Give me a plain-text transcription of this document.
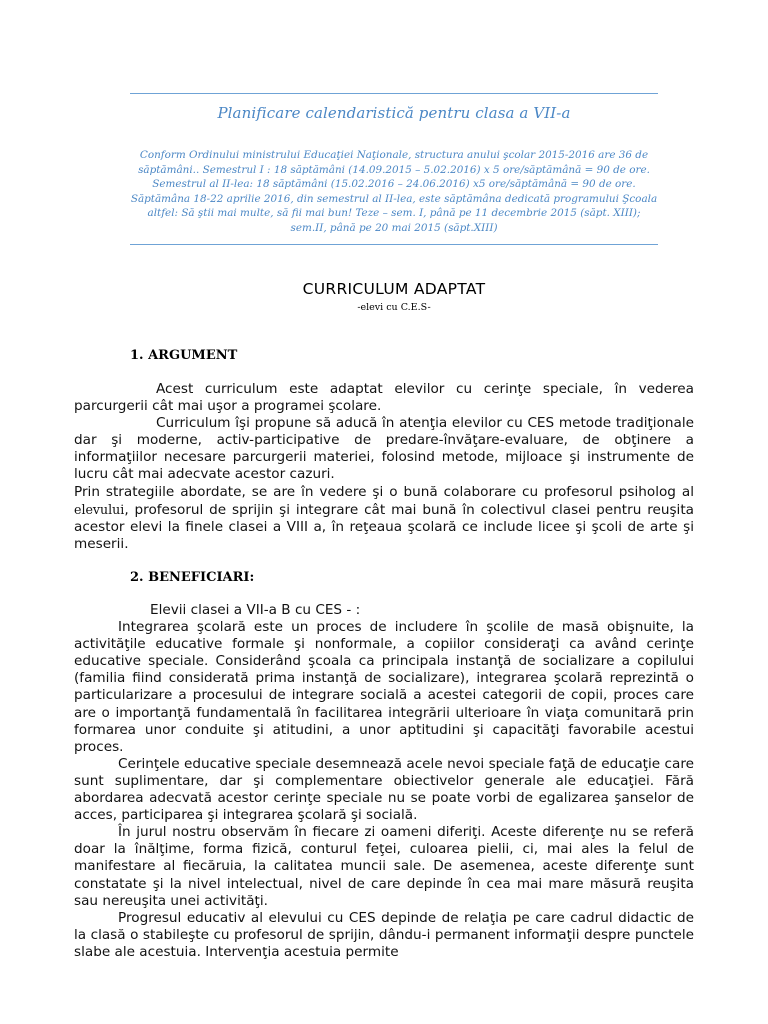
Planificare calendaristică pentru clasa a VII-a
Conform Ordinului ministrului Educaţiei Naţionale, structura anului şcolar 2015-2016 are 36 de săptămâni.. Semestrul I : 18 săptămâni (14.09.2015 – 5.02.2016) x 5 ore/săptămână = 90 de ore. Semestrul al II-lea: 18 săptămâni (15.02.2016 – 24.06.2016) x5 ore/săptămână = 90 de ore. Săptămâna 18-22 aprilie 2016, din semestrul al II-lea, este săptămâna dedicată programului Şcoala altfel: Să ştii mai multe, să fii mai bun! Teze – sem. I, până pe 11 decembrie 2015 (săpt. XIII); sem.II, până pe 20 mai 2015 (săpt.XIII)
CURRICULUM ADAPTAT
-elevi cu C.E.S-
1. ARGUMENT

Acest curriculum este adaptat elevilor cu cerinţe speciale, în vederea parcurgerii cât mai uşor a programei şcolare.

Curriculum îşi propune să aducă în atenţia elevilor cu CES metode tradiţionale dar şi moderne, activ-participative de predare-învăţare-evaluare, de obţinere a informaţiilor necesare parcurgerii materiei, folosind metode, mijloace şi instrumente de lucru cât mai adecvate acestor cazuri.

Prin strategiile abordate, se are în vedere şi o bună colaborare cu profesorul psiholog al elevului, profesorul de sprijin şi integrare cât mai bună în colectivul clasei pentru reuşita acestor elevi la finele clasei a VIII a, în reţeaua şcolară ce include licee şi şcoli de arte şi meserii.

2. BENEFICIARI:

Elevii clasei a VII-a B cu CES - :

Integrarea şcolară este un proces de includere în şcolile de masă obişnuite, la activităţile educative formale şi nonformale, a copiilor consideraţi ca având cerinţe educative speciale. Considerând şcoala ca principala instanţă de socializare a copilului (familia fiind considerată prima instanţă de socializare), integrarea şcolară reprezintă o particularizare a procesului de integrare socială a acestei categorii de copii, proces care are o importanţă fundamentală în facilitarea integrării ulterioare în viaţa comunitară prin formarea unor conduite şi atitudini, a unor aptitudini şi capacităţi favorabile acestui proces.

Cerinţele educative speciale desemnează acele nevoi speciale faţă de educaţie care sunt suplimentare, dar şi complementare obiectivelor generale ale educaţiei. Fără abordarea adecvată acestor cerinţe speciale nu se poate vorbi de egalizarea şanselor de acces, participarea şi integrarea şcolară şi socială.

În jurul nostru observăm în fiecare zi oameni diferiţi. Aceste diferenţe nu se referă doar la înălţime, forma fizică, conturul feţei, culoarea pielii, ci, mai ales la felul de manifestare al fiecăruia, la calitatea muncii sale. De asemenea, aceste diferenţe sunt constatate şi la nivel intelectual, nivel de care depinde în cea mai mare măsură reuşita sau nereuşita unei activităţi.

Progresul educativ al elevului cu CES depinde de relaţia pe care cadrul didactic de la clasă o stabileşte cu profesorul de sprijin, dându-i permanent informaţii despre punctele slabe ale acestuia. Intervenţia acestuia permite
